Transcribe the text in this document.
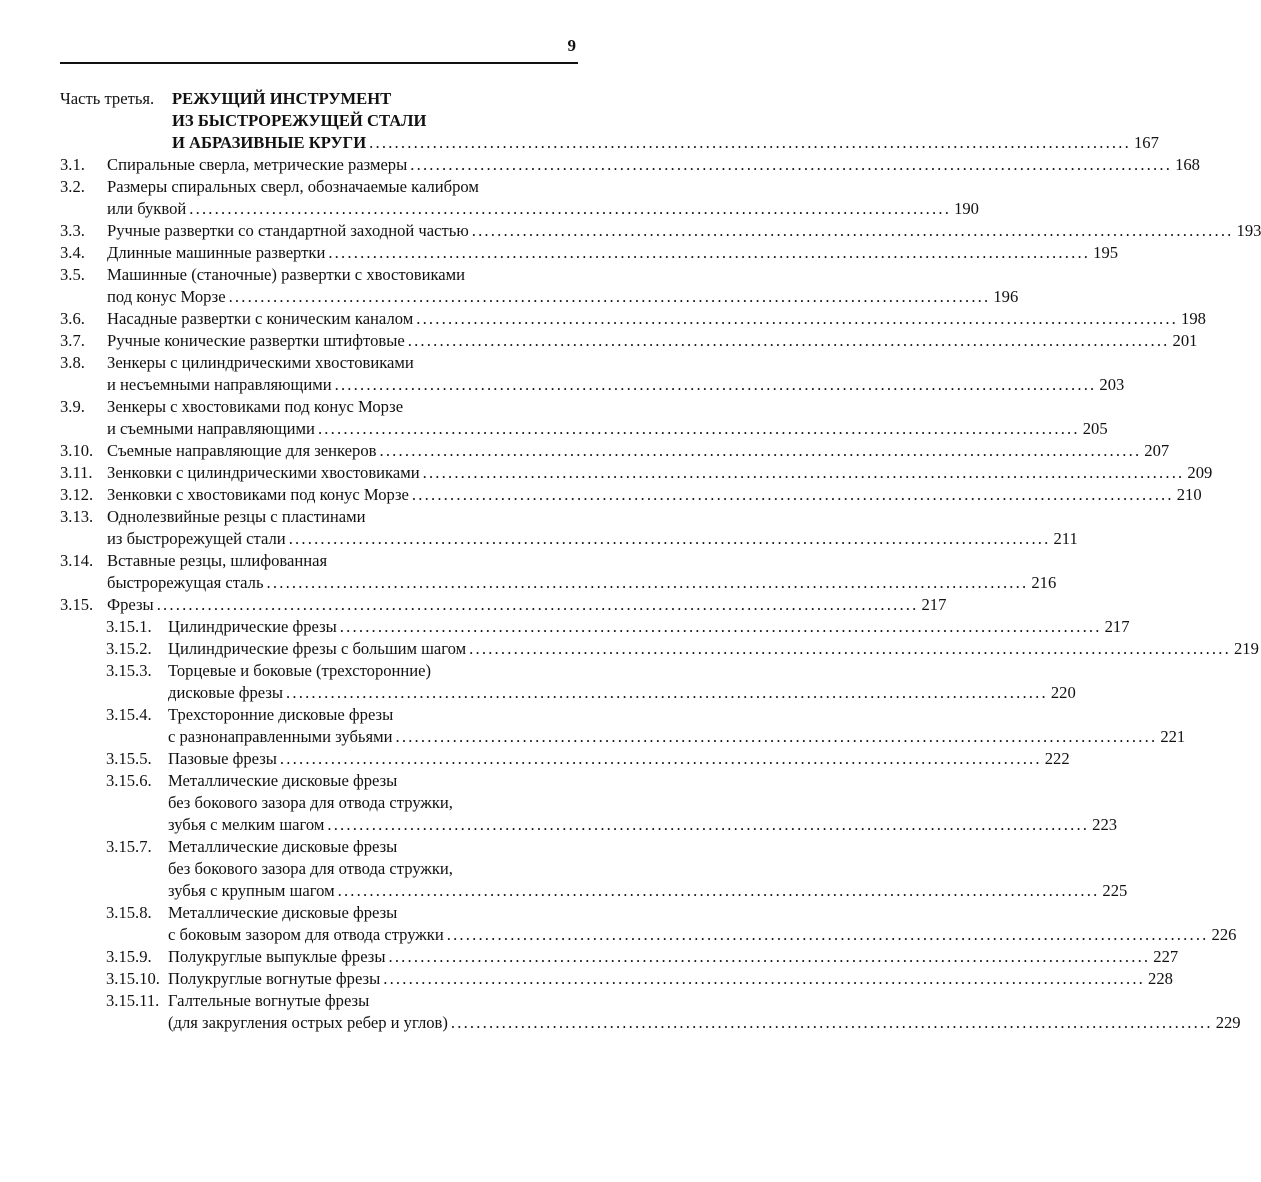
9
Часть третья. РЕЖУЩИЙ ИНСТРУМЕНТ
ИЗ БЫСТРОРЕЖУЩЕЙ СТАЛИ
И АБРАЗИВНЫЕ КРУГИ ........................................................................................................................ 167
3.1. Спиральные сверла, метрические размеры ........................................................................................................................ 168
3.2. Размеры спиральных сверл, обозначаемые калибром
или буквой ........................................................................................................................ 190
3.3. Ручные развертки со стандартной заходной частью ........................................................................................................................ 193
3.4. Длинные машинные развертки ........................................................................................................................ 195
3.5. Машинные (станочные) развертки с хвостовиками
под конус Морзе ........................................................................................................................ 196
3.6. Насадные развертки с коническим каналом ........................................................................................................................ 198
3.7. Ручные конические развертки штифтовые ........................................................................................................................ 201
3.8. Зенкеры с цилиндрическими хвостовиками
и несъемными направляющими ........................................................................................................................ 203
3.9. Зенкеры с хвостовиками под конус Морзе
и съемными направляющими ........................................................................................................................ 205
3.10. Съемные направляющие для зенкеров ........................................................................................................................ 207
3.11. Зенковки с цилиндрическими хвостовиками ........................................................................................................................ 209
3.12. Зенковки с хвостовиками под конус Морзе ........................................................................................................................ 210
3.13. Однолезвийные резцы с пластинами
из быстрорежущей стали ........................................................................................................................ 211
3.14. Вставные резцы, шлифованная
быстрорежущая сталь ........................................................................................................................ 216
3.15. Фрезы ........................................................................................................................ 217
3.15.1. Цилиндрические фрезы ........................................................................................................................ 217
3.15.2. Цилиндрические фрезы с большим шагом ........................................................................................................................ 219
3.15.3. Торцевые и боковые (трехсторонние)
дисковые фрезы ........................................................................................................................ 220
3.15.4. Трехсторонние дисковые фрезы
с разнонаправленными зубьями ........................................................................................................................ 221
3.15.5. Пазовые фрезы ........................................................................................................................ 222
3.15.6. Металлические дисковые фрезы
без бокового зазора для отвода стружки,
зубья с мелким шагом ........................................................................................................................ 223
3.15.7. Металлические дисковые фрезы
без бокового зазора для отвода стружки,
зубья с крупным шагом ........................................................................................................................ 225
3.15.8. Металлические дисковые фрезы
с боковым зазором для отвода стружки ........................................................................................................................ 226
3.15.9. Полукруглые выпуклые фрезы ........................................................................................................................ 227
3.15.10. Полукруглые вогнутые фрезы ........................................................................................................................ 228
3.15.11. Галтельные вогнутые фрезы
(для закругления острых ребер и углов) ........................................................................................................................ 229
